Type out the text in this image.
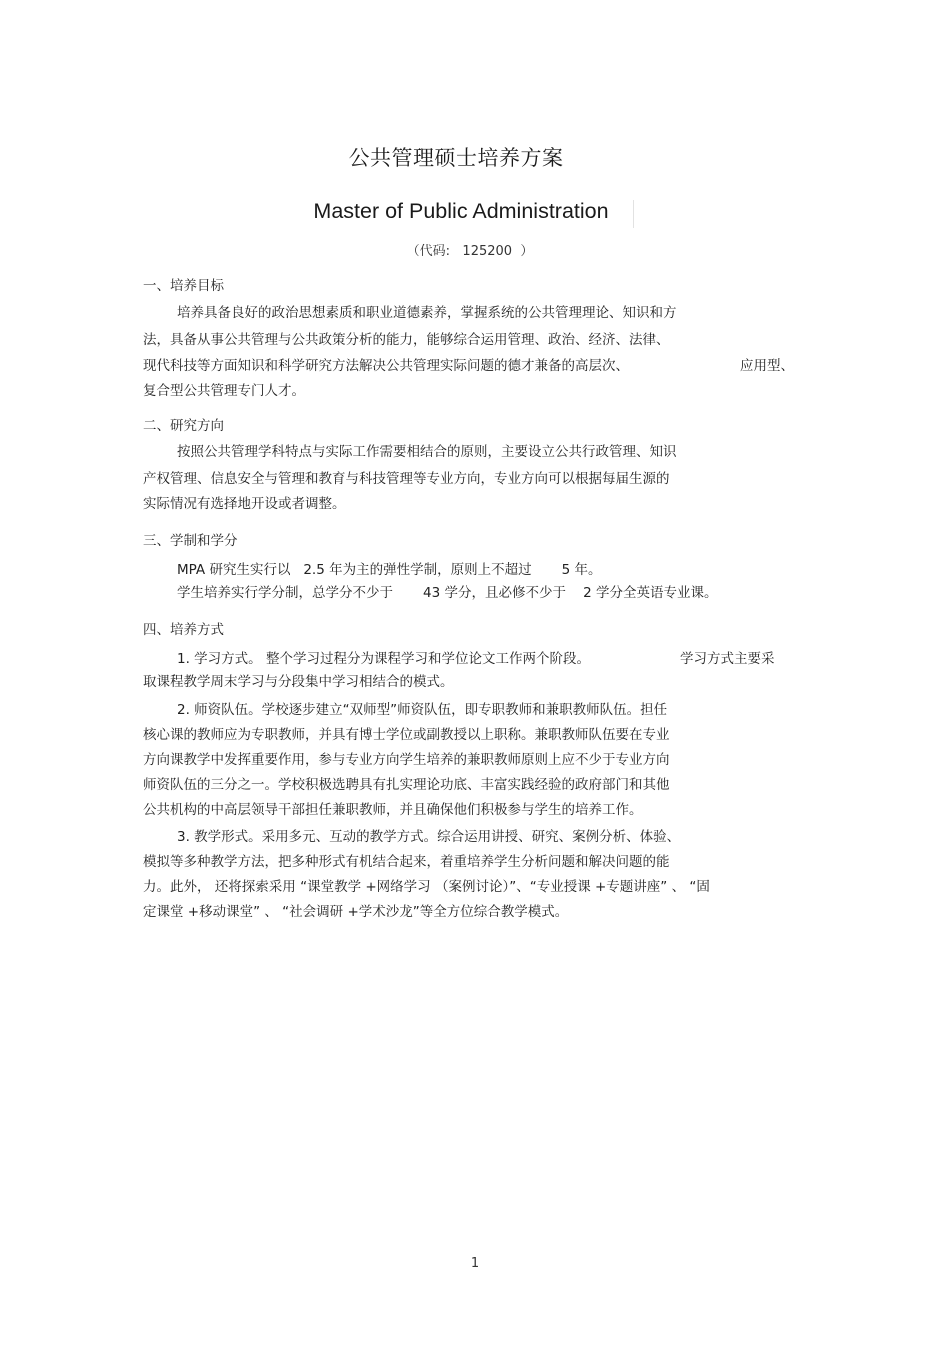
公共管理硕士培养方案
Master of Public Administration
（代码:   125200  ）
一、培养目标
培养具备良好的政治思想素质和职业道德素养，掌握系统的公共管理理论、知识和方
法，具备从事公共管理与公共政策分析的能力，能够综合运用管理、政治、经济、法律、
现代科技等方面知识和科学研究方法解决公共管理实际问题的德才兼备的高层次、	应用型、
复合型公共管理专门人才。
二、研究方向
按照公共管理学科特点与实际工作需要相结合的原则，主要设立公共行政管理、知识
产权管理、信息安全与管理和教育与科技管理等专业方向，专业方向可以根据每届生源的
实际情况有选择地开设或者调整。
三、学制和学分
MPA 研究生实行以   2.5 年为主的弹性学制，原则上不超过       5 年。
学生培养实行学分制，总学分不少于       43 学分，且必修不少于    2 学分全英语专业课。
四、培养方式
1. 学习方式。 整个学习过程分为课程学习和学位论文工作两个阶段。	学习方式主要采
取课程教学周末学习与分段集中学习相结合的模式。
2. 师资队伍。学校逐步建立“双师型”师资队伍，即专职教师和兼职教师队伍。担任
核心课的教师应为专职教师，并具有博士学位或副教授以上职称。兼职教师队伍要在专业
方向课教学中发挥重要作用，参与专业方向学生培养的兼职教师原则上应不少于专业方向
师资队伍的三分之一。学校积极选聘具有扎实理论功底、丰富实践经验的政府部门和其他
公共机构的中高层领导干部担任兼职教师，并且确保他们积极参与学生的培养工作。
3. 教学形式。采用多元、互动的教学方式。综合运用讲授、研究、案例分析、体验、
模拟等多种教学方法，把多种形式有机结合起来，着重培养学生分析问题和解决问题的能
力。此外， 还将探索采用 “课堂教学 +网络学习 （案例讨论）”、“专业授课 +专题讲座” 、 “固
定课堂 +移动课堂” 、 “社会调研 +学术沙龙”等全方位综合教学模式。
1
